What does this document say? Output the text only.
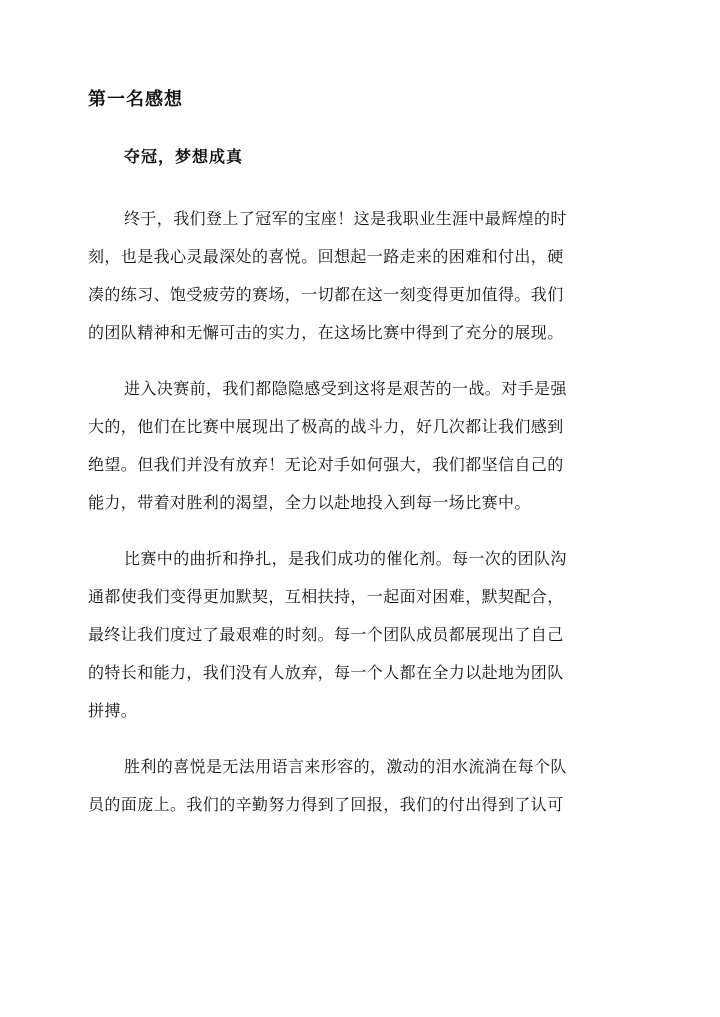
第一名感想
夺冠，梦想成真

终于，我们登上了冠军的宝座！这是我职业生涯中最辉煌的时
刻，也是我心灵最深处的喜悦。回想起一路走来的困难和付出，硬
凑的练习、饱受疲劳的赛场，一切都在这一刻变得更加值得。我们
的团队精神和无懈可击的实力，在这场比赛中得到了充分的展现。

进入决赛前，我们都隐隐感受到这将是艰苦的一战。对手是强
大的，他们在比赛中展现出了极高的战斗力，好几次都让我们感到
绝望。但我们并没有放弃！无论对手如何强大，我们都坚信自己的
能力，带着对胜利的渴望，全力以赴地投入到每一场比赛中。

比赛中的曲折和挣扎，是我们成功的催化剂。每一次的团队沟
通都使我们变得更加默契，互相扶持，一起面对困难，默契配合，
最终让我们度过了最艰难的时刻。每一个团队成员都展现出了自己
的特长和能力，我们没有人放弃，每一个人都在全力以赴地为团队
拼搏。

胜利的喜悦是无法用语言来形容的，激动的泪水流淌在每个队
员的面庞上。我们的辛勤努力得到了回报，我们的付出得到了认可
